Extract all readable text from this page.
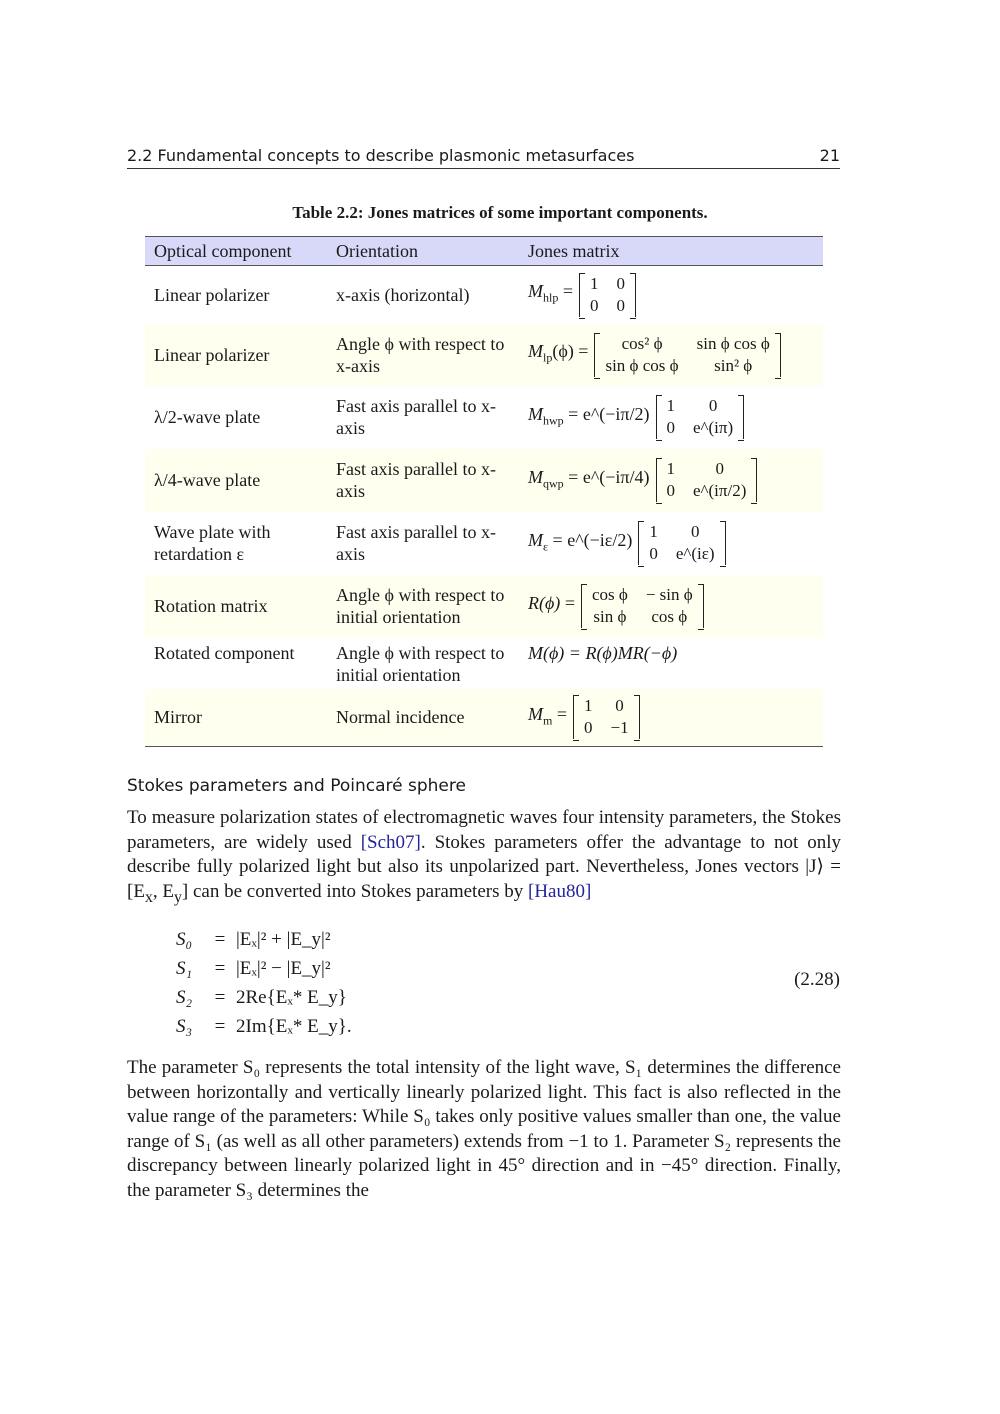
2.2 Fundamental concepts to describe plasmonic metasurfaces	21
Table 2.2: Jones matrices of some important components.
Optical component	Orientation	Jones matrix
Linear polarizer	x-axis (horizontal)	$M_{hlp} = 1$ 0
0 0

Linear polarizer	Angle ϕ with respect to x-axis	$M_{lp}(\phi) = \cos^2$ ϕ sin ϕ cos ϕ
sin ϕ cos ϕ sin² ϕ

λ/2-wave plate	Fast axis parallel to x-axis	$M_{hwp}$ = e^(−iπ/2) 1 0
0 e^(iπ)

λ/4-wave plate	Fast axis parallel to x-axis	$M_{qwp}$ = e^(−iπ/4) 1 0
0 e^(iπ/2)

Wave plate with retardation ε	Fast axis parallel to x-axis	$M_\varepsilon$ = e^(−iε/2) 1 0
0 e^(iε)

Rotation matrix	Angle ϕ with respect to initial orientation	R(ϕ) = cos ϕ − sin ϕ
sin ϕ cos ϕ

Rotated component	Angle ϕ with respect to initial orientation	M(ϕ) = R(ϕ)MR(−ϕ)
Mirror	Normal incidence	$M_m = 1$ 0
0 −1
Stokes parameters and Poincaré sphere
To measure polarization states of electromagnetic waves four intensity parameters, the Stokes parameters, are widely used [Sch07]. Stokes parameters offer the advantage to not only describe fully polarized light but also its unpolarized part. Nevertheless, Jones vectors |J⟩ = [$E_x$, $E_y$] can be converted into Stokes parameters by [Hau80]
S₀	= |Eₓ|² + |E_y|²
S₁	= |Eₓ|² − |E_y|²
S₂	= 2Re{Eₓ* E_y}
S₃	= 2Im{Eₓ* E_y}.
(2.28)
The parameter S₀ represents the total intensity of the light wave, S₁ determines the difference between horizontally and vertically linearly polarized light. This fact is also reflected in the value range of the parameters: While S₀ takes only positive values smaller than one, the value range of S₁ (as well as all other parameters) extends from −1 to 1. Parameter S₂ represents the discrepancy between linearly polarized light in 45° direction and in −45° direction. Finally, the parameter S₃ determines the
